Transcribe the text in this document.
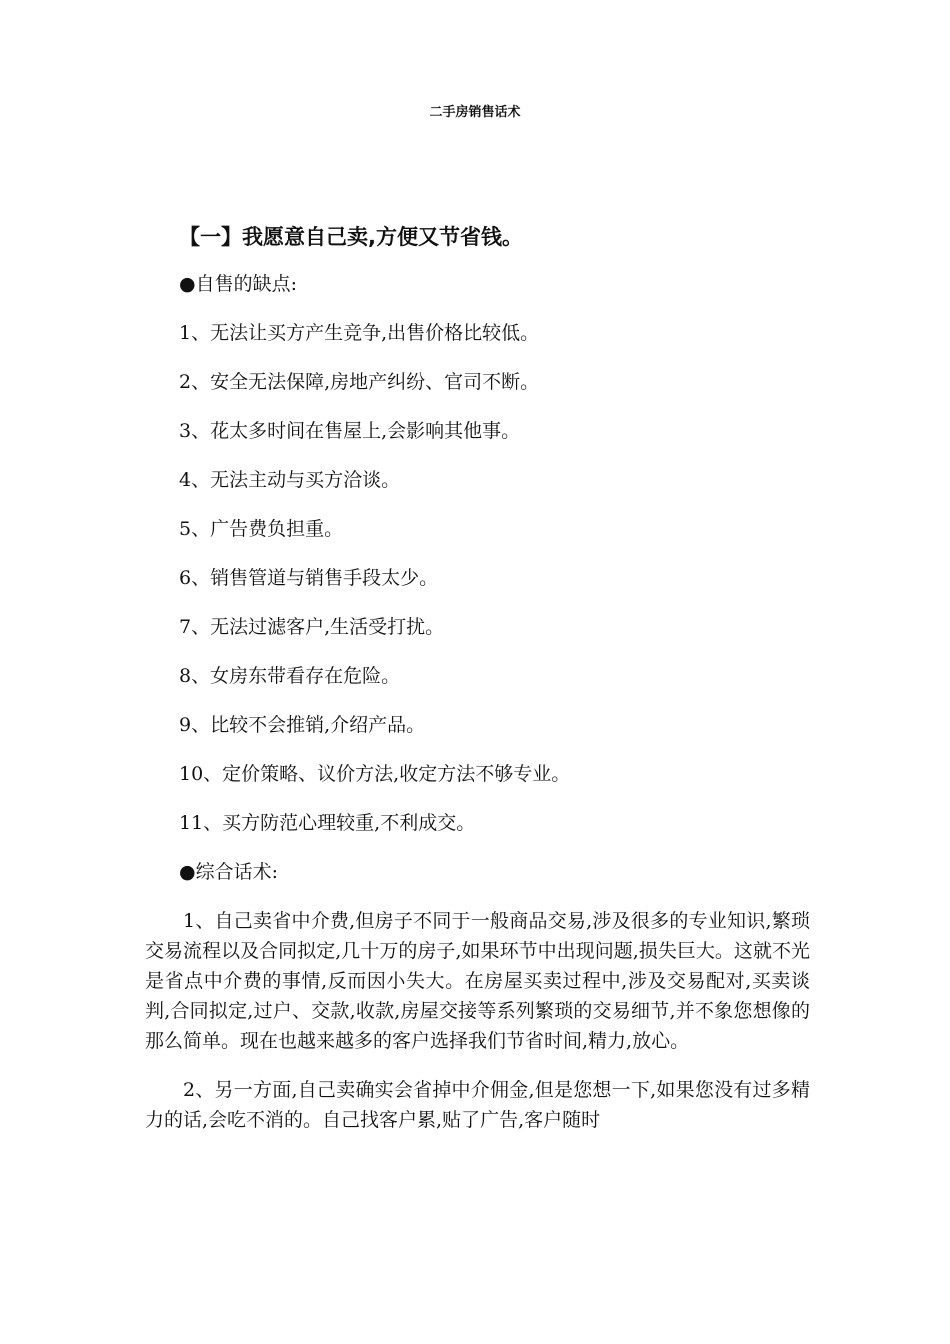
二手房销售话术
【一】我愿意自己卖,方便又节省钱。
●自售的缺点:
1、无法让买方产生竞争,出售价格比较低。
2、安全无法保障,房地产纠纷、官司不断。
3、花太多时间在售屋上,会影响其他事。
4、无法主动与买方洽谈。
5、广告费负担重。
6、销售管道与销售手段太少。
7、无法过滤客户,生活受打扰。
8、女房东带看存在危险。
9、比较不会推销,介绍产品。
10、定价策略、议价方法,收定方法不够专业。
11、买方防范心理较重,不利成交。
●综合话术:

1、自己卖省中介费,但房子不同于一般商品交易,涉及很多的专业知识,繁琐交易流程以及合同拟定,几十万的房子,如果环节中出现问题,损失巨大。这就不光是省点中介费的事情,反而因小失大。在房屋买卖过程中,涉及交易配对,买卖谈判,合同拟定,过户、交款,收款,房屋交接等系列繁琐的交易细节,并不象您想像的那么简单。现在也越来越多的客户选择我们节省时间,精力,放心。

2、另一方面,自己卖确实会省掉中介佣金,但是您想一下,如果您没有过多精力的话,会吃不消的。自己找客户累,贴了广告,客户随时
